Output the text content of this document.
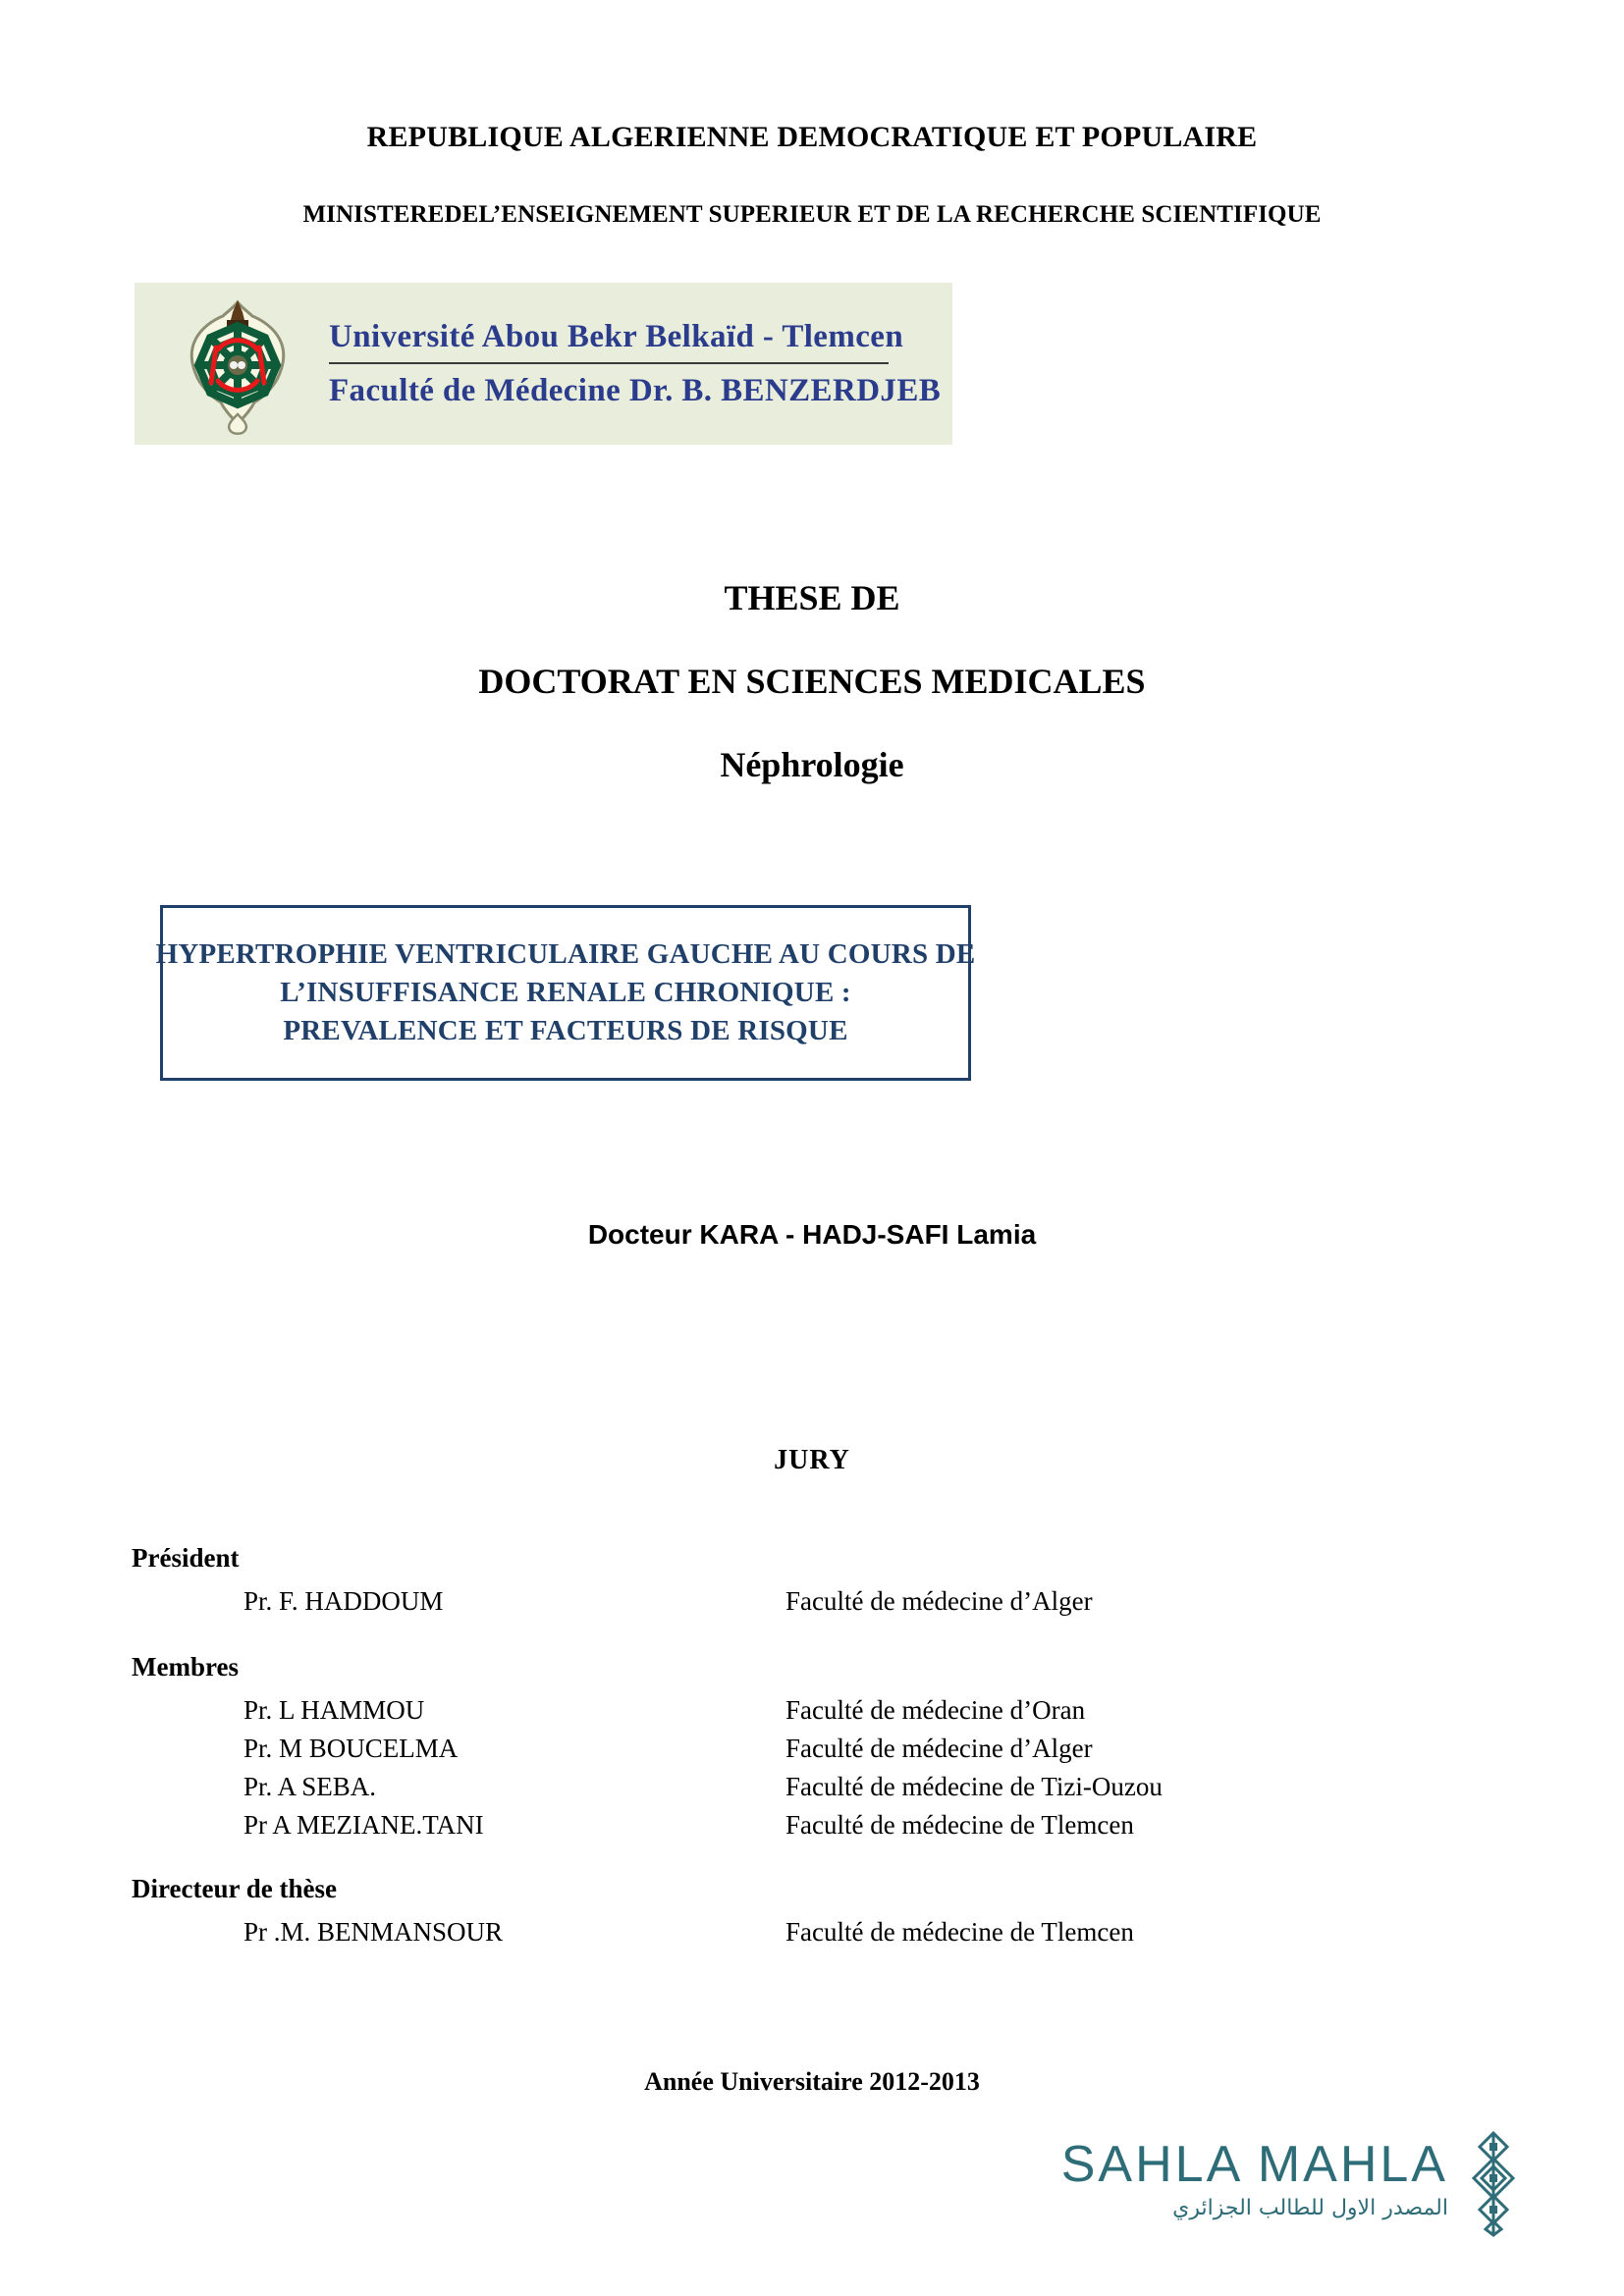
REPUBLIQUE ALGERIENNE DEMOCRATIQUE ET POPULAIRE
MINISTEREDEL’ENSEIGNEMENT SUPERIEUR ET DE LA RECHERCHE SCIENTIFIQUE
Université Abou Bekr Belkaïd - Tlemcen
Faculté de Médecine Dr. B. BENZERDJEB
THESE DE
DOCTORAT EN SCIENCES MEDICALES
Néphrologie
HYPERTROPHIE VENTRICULAIRE GAUCHE AU COURS DE
L’INSUFFISANCE RENALE CHRONIQUE :
PREVALENCE ET FACTEURS DE RISQUE
Docteur KARA - HADJ-SAFI Lamia
JURY
Président
Pr. F. HADDOUM	Faculté de médecine d’Alger
Membres
Pr. L HAMMOU	Faculté de médecine d’Oran
Pr. M BOUCELMA	Faculté de médecine d’Alger
Pr. A SEBA.	Faculté de médecine de Tizi-Ouzou
Pr A MEZIANE.TANI	Faculté de médecine de Tlemcen
Directeur de thèse
Pr .M. BENMANSOUR	Faculté de médecine de Tlemcen
Année Universitaire 2012-2013
SAHLA MAHLA
المصدر الاول للطالب الجزائري
